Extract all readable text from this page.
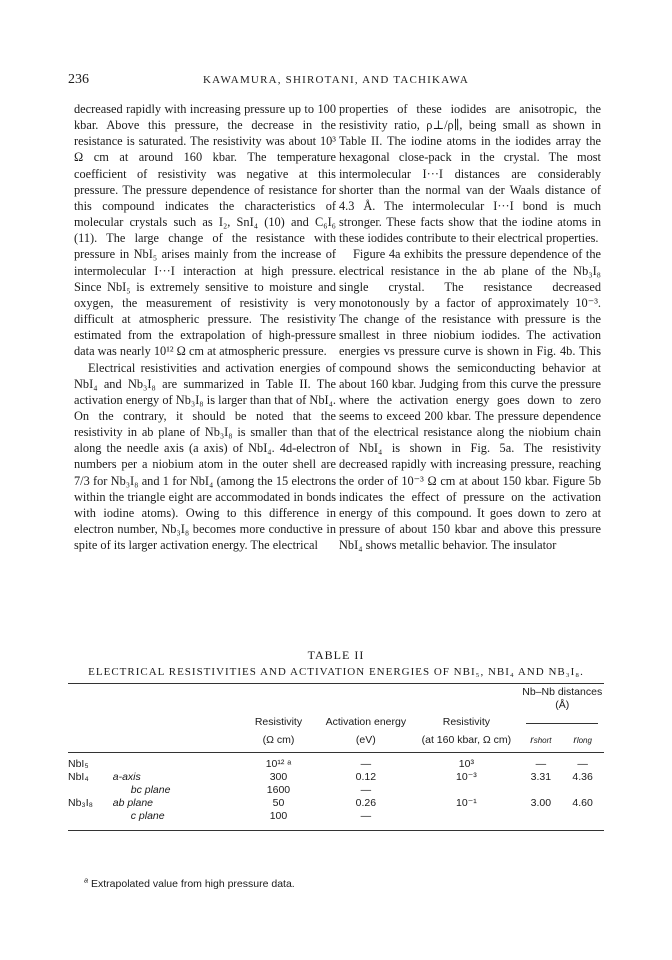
236	KAWAMURA, SHIROTANI, AND TACHIKAWA

decreased rapidly with increasing pressure up to 100 kbar. Above this pressure, the decrease in the resistance is saturated. The resistivity was about 10³ Ω cm at around 160 kbar. The temperature coefficient of resistivity was negative at this pressure. The pressure dependence of resistance for this compound indicates the characteristics of molecular crystals such as I₂, SnI₄ (10) and C₆I₆ (11). The large change of the resistance with pressure in NbI₅ arises mainly from the increase of intermolecular I···I interaction at high pressure. Since NbI₅ is extremely sensitive to moisture and oxygen, the measurement of resistivity is very difficult at atmospheric pressure. The resistivity estimated from the extrapolation of high-pressure data was nearly 10¹² Ω cm at atmospheric pressure.

Electrical resistivities and activation energies of NbI₄ and Nb₃I₈ are summarized in Table II. The activation energy of Nb₃I₈ is larger than that of NbI₄. On the contrary, it should be noted that the resistivity in ab plane of Nb₃I₈ is smaller than that along the needle axis (a axis) of NbI₄. 4d-electron numbers per a niobium atom in the outer shell are 7/3 for Nb₃I₈ and 1 for NbI₄ (among the 15 electrons within the triangle eight are accommodated in bonds with iodine atoms). Owing to this difference in electron number, Nb₃I₈ becomes more conductive in spite of its larger activation energy. The electrical

properties of these iodides are anisotropic, the resistivity ratio, ρ⊥/ρ∥, being small as shown in Table II. The iodine atoms in the iodides array the hexagonal close-pack in the crystal. The most intermolecular I···I distances are considerably shorter than the normal van der Waals distance of 4.3 Å. The intermolecular I···I bond is much stronger. These facts show that the iodine atoms in these iodides contribute to their electrical properties.

Figure 4a exhibits the pressure dependence of the electrical resistance in the ab plane of the Nb₃I₈ single crystal. The resistance decreased monotonously by a factor of approximately 10⁻³. The change of the resistance with pressure is the smallest in three niobium iodides. The activation energies vs pressure curve is shown in Fig. 4b. This compound shows the semiconducting behavior at about 160 kbar. Judging from this curve the pressure where the activation energy goes down to zero seems to exceed 200 kbar. The pressure dependence of the electrical resistance along the niobium chain of NbI₄ is shown in Fig. 5a. The resistivity decreased rapidly with increasing pressure, reaching the order of 10⁻³ Ω cm at about 150 kbar. Figure 5b indicates the effect of pressure on the activation energy of this compound. It goes down to zero at pressure of about 150 kbar and above this pressure NbI₄ shows metallic behavior. The insulator

TABLE II
ELECTRICAL RESISTIVITIES AND ACTIVATION ENERGIES OF NBI₅, NBI₄ AND NB₃I₈.
					Nb–Nb distances	
					(Å)	
		Resistivity	Activation energy	Resistivity		

		(Ω cm)	(eV)	(at 160 kbar, Ω cm)	rshort	rlong

NbI₅		10¹² ᵃ	—	10³	—	—
NbI₄	a-axis	300	0.12	10⁻³	3.31	4.36
	bc plane	1600	—			
Nb₃I₈	ab plane	50	0.26	10⁻¹	3.00	4.60
	c plane	100	—			

$^a$ Extrapolated value from high pressure data.
